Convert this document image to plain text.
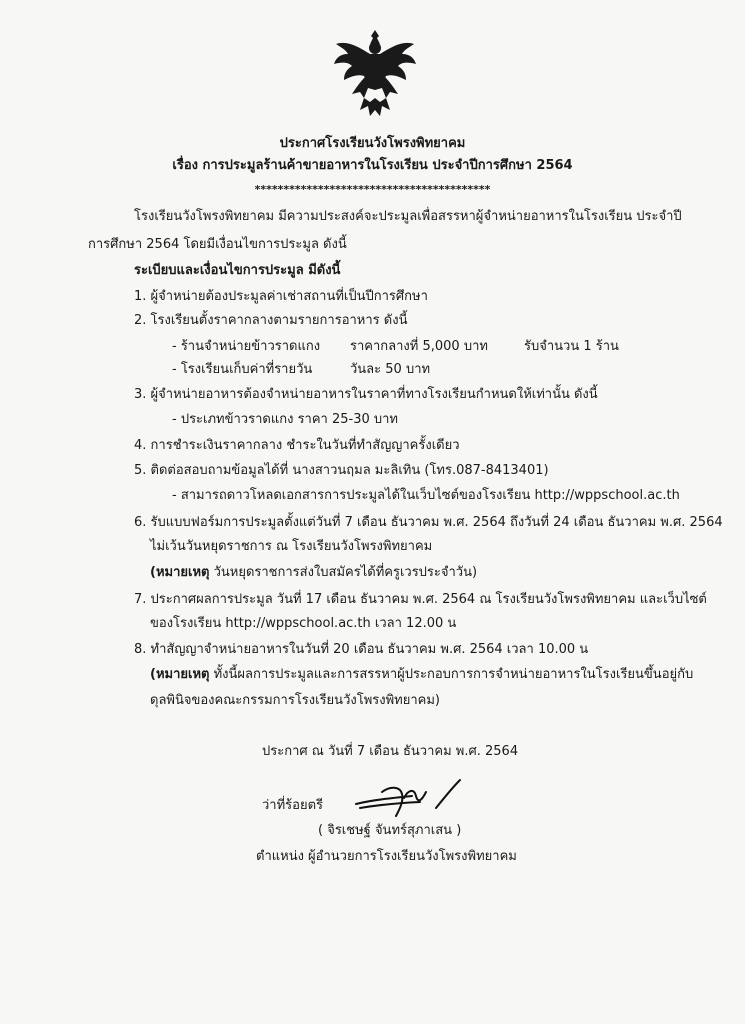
ประกาศโรงเรียนวังโพรงพิทยาคม
เรื่อง การประมูลร้านค้าขายอาหารในโรงเรียน ประจำปีการศึกษา 2564
*****************************************
โรงเรียนวังโพรงพิทยาคม มีความประสงค์จะประมูลเพื่อสรรหาผู้จำหน่ายอาหารในโรงเรียน ประจำปี
การศึกษา 2564 โดยมีเงื่อนไขการประมูล ดังนี้
ระเบียบและเงื่อนไขการประมูล มีดังนี้
1. ผู้จำหน่ายต้องประมูลค่าเช่าสถานที่เป็นปีการศึกษา
2. โรงเรียนตั้งราคากลางตามรายการอาหาร ดังนี้
- ร้านจำหน่ายข้าวราดแกง ราคากลางที่ 5,000 บาท	รับจำนวน 1 ร้าน
- โรงเรียนเก็บค่าที่รายวัน	วันละ 50 บาท
3. ผู้จำหน่ายอาหารต้องจำหน่ายอาหารในราคาที่ทางโรงเรียนกำหนดให้เท่านั้น ดังนี้
- ประเภทข้าวราดแกง ราคา 25-30 บาท
4. การชำระเงินราคากลาง ชำระในวันที่ทำสัญญาครั้งเดียว
5. ติดต่อสอบถามข้อมูลได้ที่ นางสาวนฤมล มะลิเทิน (โทร.087-8413401)
- สามารถดาวโหลดเอกสารการประมูลได้ในเว็บไซต์ของโรงเรียน http://wppschool.ac.th
6. รับแบบฟอร์มการประมูลตั้งแต่วันที่ 7 เดือน ธันวาคม พ.ศ. 2564 ถึงวันที่ 24 เดือน ธันวาคม พ.ศ. 2564
ไม่เว้นวันหยุดราชการ ณ โรงเรียนวังโพรงพิทยาคม
(หมายเหตุ วันหยุดราชการส่งใบสมัครได้ที่ครูเวรประจำวัน)
7. ประกาศผลการประมูล วันที่ 17 เดือน ธันวาคม พ.ศ. 2564 ณ โรงเรียนวังโพรงพิทยาคม และเว็บไซต์
ของโรงเรียน http://wppschool.ac.th เวลา 12.00 น
8. ทำสัญญาจำหน่ายอาหารในวันที่ 20 เดือน ธันวาคม พ.ศ. 2564 เวลา 10.00 น
(หมายเหตุ ทั้งนี้ผลการประมูลและการสรรหาผู้ประกอบการการจำหน่ายอาหารในโรงเรียนขึ้นอยู่กับ
ดุลพินิจของคณะกรรมการโรงเรียนวังโพรงพิทยาคม)
ประกาศ ณ วันที่ 7 เดือน ธันวาคม พ.ศ. 2564
ว่าที่ร้อยตรี
( จิรเชษฐ์ จันทร์สุภาเสน )
ตำแหน่ง ผู้อำนวยการโรงเรียนวังโพรงพิทยาคม
